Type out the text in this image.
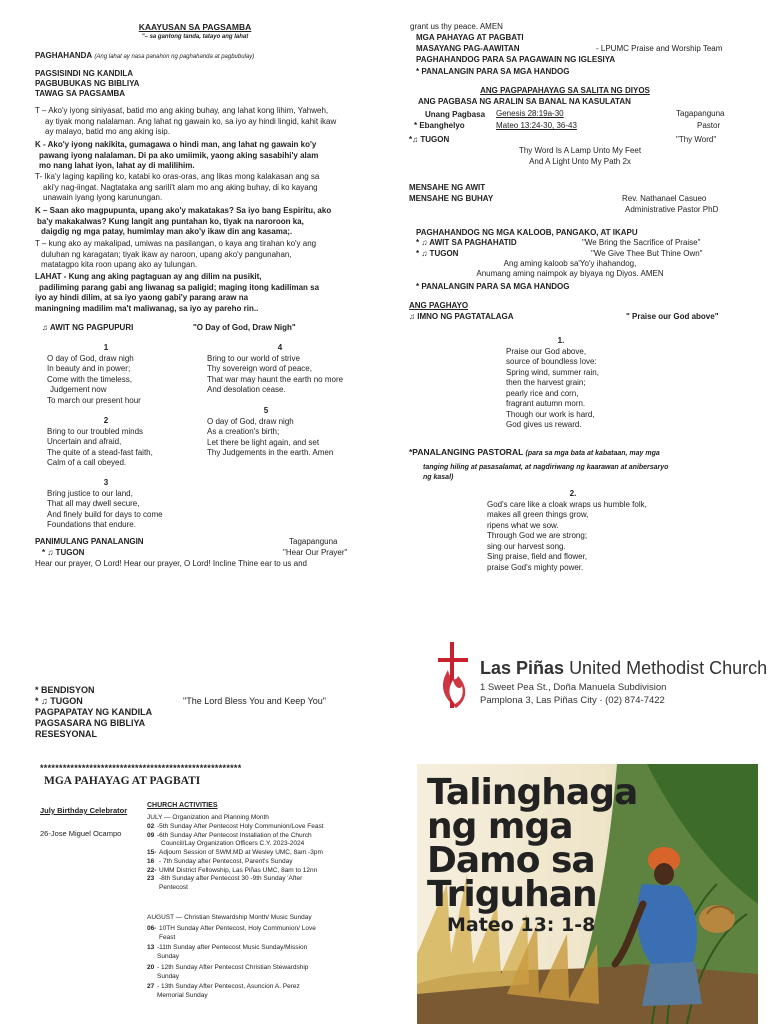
KAAYUSAN SA PAGSAMBA
"– sa gantong tanda, tatayo ang lahat
PAGHAHANDA (Ang lahat ay nasa panahon ng paghahanda at pagbubulay)
PAGSISINDI NG KANDILA
PAGBUBUKAS NG BIBLIYA
TAWAG SA PAGSAMBA
T – Ako'y iyong siniyasat, batid mo ang aking buhay, ang lahat kong lihim, Yahweh,
ay tiyak mong nalalaman. Ang lahat ng gawain ko, sa iyo ay hindi lingid, kahit ikaw
ay malayo, batid mo ang aking isip.
K - Ako'y iyong nakikita, gumagawa o hindi man, ang lahat ng gawain ko'y
pawang iyong nalalaman. Di pa ako umiimik, yaong aking sasabihi'y alam
mo nang lahat iyon, lahat ay di malilihim.
T- Ika'y laging kapiling ko, katabi ko oras-oras, ang likas mong kalakasan ang sa
aki'y nag-iingat. Nagtataka ang sarili't alam mo ang aking buhay, di ko kayang
unawain iyang iyong karunungan.
K – Saan ako magpupunta, upang ako'y makatakas? Sa iyo bang Espiritu, ako
ba'y makakalwas? Kung langit ang puntahan ko, tiyak na naroroon ka,
daigdig ng mga patay, humimlay man ako'y ikaw din ang kasama;.
T – kung ako ay makalipad, umiwas na pasilangan, o kaya ang tirahan ko'y ang
duluhan ng karagatan; tiyak ikaw ay naroon, upang ako'y pangunahan,
matatagpo kita roon upang ako ay tulungan.
LAHAT - Kung ang aking pagtaguan ay ang dilim na pusikit,
padiliming parang gabi ang liwanag sa paligid; maging itong kadiliman sa
iyo ay hindi dilim, at sa iyo yaong gabi'y parang araw na
maningning madilim ma't maliwanag, sa iyo ay pareho rin..
♫ AWIT NG PAGPUPURI	"O Day of God, Draw Nigh"
1
O day of God, draw nigh
In beauty and in power;
Come with the timeless,
Judgement now
To march our present hour
2
Bring to our troubled minds
Uncertain and afraid,
The quite of a stead-fast faith,
Calm of a call obeyed.
3
Bring justice to our land,
That all may dwell secure,
And finely build for days to come
Foundations that endure.
4
Bring to our world of strive
Thy sovereign word of peace,
That war may haunt the earth no more
And desolation cease.
5
O day of God, draw nigh
As a creation's birth;
Let there be light again, and set
Thy Judgements in the earth. Amen
PANIMULANG PANALANGIN	Tagapanguna
* ♫ TUGON	"Hear Our Prayer"
Hear our prayer, O Lord! Hear our prayer, O Lord! Incline Thine ear to us and
grant us thy peace. AMEN
MGA PAHAYAG AT PAGBATI
MASAYANG PAG-AAWITAN	- LPUMC Praise and Worship Team
PAGHAHANDOG PARA SA PAGAWAIN NG IGLESIYA
* PANALANGIN PARA SA MGA HANDOG
ANG PAGPAPAHAYAG SA SALITA NG DIYOS
ANG PAGBASA NG ARALIN SA BANAL NA KASULATAN
Unang Pagbasa Genesis 28:19a-30	Tagapanguna
* Ebanghelyo	Mateo 13:24-30, 36-43	Pastor
*♫ TUGON	"Thy Word"
Thy Word Is A Lamp Unto My Feet
And A Light Unto My Path 2x
MENSAHE NG AWIT
MENSAHE NG BUHAY	Rev. Nathanael Casueo
Administrative Pastor PhD
PAGHAHANDOG NG MGA KALOOB, PANGAKO, AT IKAPU
* ♫ AWIT SA PAGHAHATID	"We Bring the Sacrifice of Praise"
* ♫ TUGON	"We Give Thee But Thine Own"
Ang aming kaloob sa'Yo'y ihahandog,
Anumang aming naimpok ay biyaya ng Diyos. AMEN
* PANALANGIN PARA SA MGA HANDOG
ANG PAGHAYO
♫ IMNO NG PAGTATALAGA	" Praise our God above"
1.
Praise our God above,
source of boundless love:
Spring wind, summer rain,
then the harvest grain;
pearly rice and corn,
fragrant autumn morn.
Though our work is hard,
God gives us reward.
*PANALANGING PASTORAL (para sa mga bata at kabataan, may mga
tanging hiling at pasasalamat, at nagdiriwang ng kaarawan at anibersaryo
ng kasal)
2.
God's care like a cloak wraps us humble folk,
makes all green things grow,
ripens what we sow.
Through God we are strong;
sing our harvest song.
Sing praise, field and flower,
praise God's mighty power.
Las Piñas United Methodist Church
1 Sweet Pea St., Doña Manuela Subdivision
Pamplona 3, Las Piñas City · (02) 874-7422
* BENDISYON
* ♫ TUGON	"The Lord Bless You and Keep You"
PAGPAPATAY NG KANDILA
PAGSASARA NG BIBLIYA
RESESYONAL
*****************************************************
MGA PAHAYAG AT PAGBATI
July Birthday Celebrator
26-Jose Miguel Ocampo
CHURCH ACTIVITIES
JULY — Organization and Planning Month
02 -5th Sunday After Pentecost Holy Communion/Love Feast
09 -6th Sunday After Pentecost Installation of the Church
Council/Lay Organization Officers C.Y. 2023-2024
15- Adjourn Session of SWM.MD at Wesley UMC, 8am -3pm
16 - 7th Sunday after Pentecost, Parent's Sunday
22- UMM District Fellowship, Las Piñas UMC, 8am to 12nn
23 -8th Sunday after Pentecost 30 -9th Sunday 'After
Pentecost
AUGUST — Christian Stewardship Month/ Music Sunday
06- 10TH Sunday After Pentecost, Holy Communion/ Love
Feast
13 -11th Sunday after Pentecost Music Sunday/Mission
Sunday
20 - 12th Sunday After Pentecost Christian Stewardship
Sunday
27 - 13th Sunday After Pentecost, Asuncion A. Perez
Memorial Sunday
Talinghaga
ng mga
Damo sa
Triguhan
Mateo 13: 1-8
